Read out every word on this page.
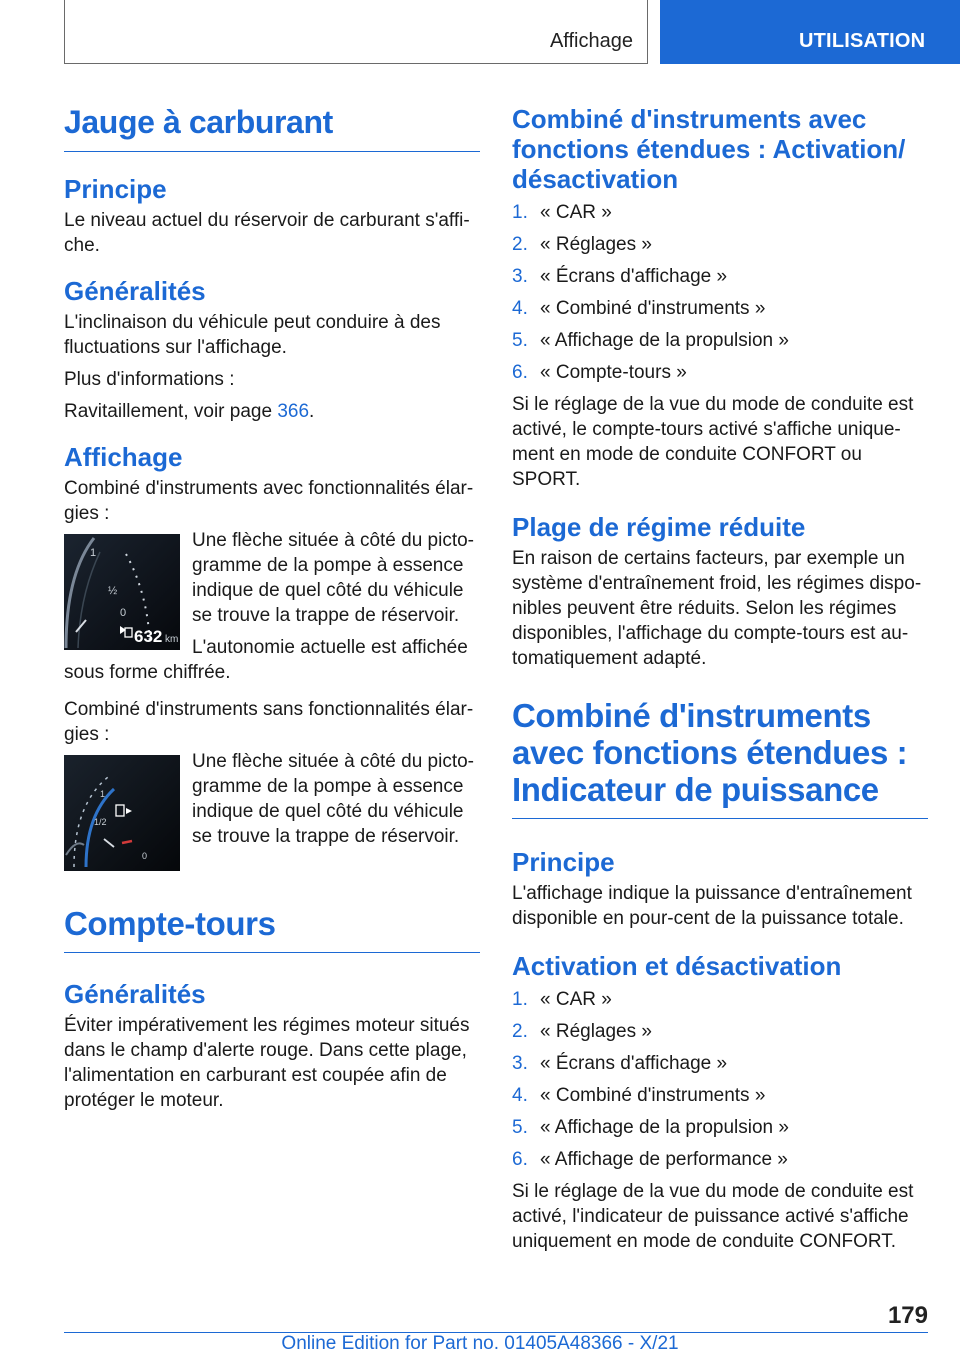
Affichage	UTILISATION
Jauge à carburant
Principe

Le niveau actuel du réservoir de carburant s'affi‐che.

Généralités

L'inclinaison du véhicule peut conduire à des fluctuations sur l'affichage.

Plus d'informations :

Ravitaillement, voir page 366.

Affichage

Combiné d'instruments avec fonctionnalités élar‐gies :

1
½
0
632 km

Une flèche située à côté du picto‐gramme de la pompe à essence indique de quel côté du véhicule se trouve la trappe de réservoir.

L'autonomie actuelle est affichée sous forme chiffrée.

Combiné d'instruments sans fonctionnalités élar‐gies :

1
1/2
0

Une flèche située à côté du picto‐gramme de la pompe à essence indique de quel côté du véhicule se trouve la trappe de réservoir.

Compte-tours
Généralités

Éviter impérativement les régimes moteur situés dans le champ d'alerte rouge. Dans cette plage, l'alimentation en carburant est coupée afin de protéger le moteur.

Combiné d'instruments avec fonctions étendues : Activation/ désactivation
1. « CAR »
2. « Réglages »
3. « Écrans d'affichage »
4. « Combiné d'instruments »
5. « Affichage de la propulsion »
6. « Compte-tours »

Si le réglage de la vue du mode de conduite est activé, le compte-tours activé s'affiche unique‐ment en mode de conduite CONFORT ou SPORT.

Plage de régime réduite

En raison de certains facteurs, par exemple un système d'entraînement froid, les régimes dispo‐nibles peuvent être réduits. Selon les régimes disponibles, l'affichage du compte-tours est au‐tomatiquement adapté.

Combiné d'instruments avec fonctions étendues : Indicateur de puissance
Principe

L'affichage indique la puissance d'entraînement disponible en pour-cent de la puissance totale.

Activation et désactivation
1. « CAR »
2. « Réglages »
3. « Écrans d'affichage »
4. « Combiné d'instruments »
5. « Affichage de la propulsion »
6. « Affichage de performance »

Si le réglage de la vue du mode de conduite est activé, l'indicateur de puissance activé s'affiche uniquement en mode de conduite CONFORT.

179
Online Edition for Part no. 01405A48366 - X/21
